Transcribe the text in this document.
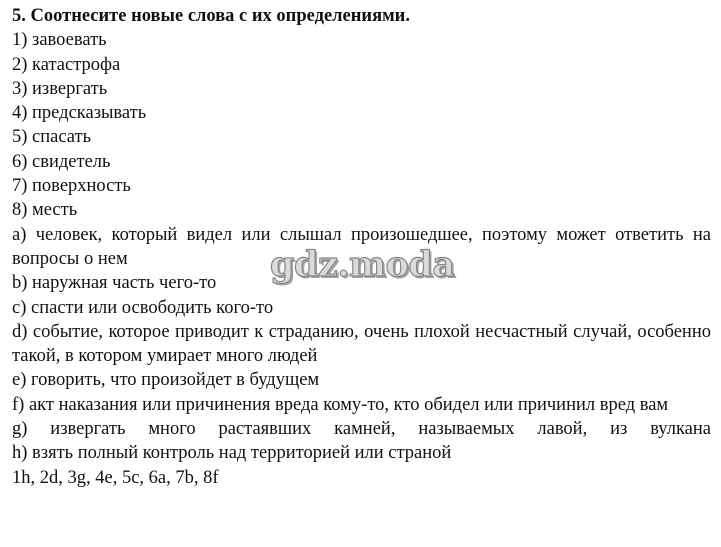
5. Соотнесите новые слова с их определениями.

1) завоевать

2) катастрофа

3) извергать

4) предсказывать

5) спасать

6) свидетель

7) поверхность

8) месть

a) человек, который видел или слышал произошедшее, поэтому может ответить на вопросы о нем

b) наружная часть чего-то

c) спасти или освободить кого-то

d) событие, которое приводит к страданию, очень плохой несчастный случай, особенно такой, в котором умирает много людей

e) говорить, что произойдет в будущем

f) акт наказания или причинения вреда кому-то, кто обидел или причинил вред вам

g) извергать много растаявших камней, называемых лавой, из вулкана

h) взять полный контроль над территорией или страной

1h, 2d, 3g, 4e, 5c, 6a, 7b, 8f

gdz.moda
